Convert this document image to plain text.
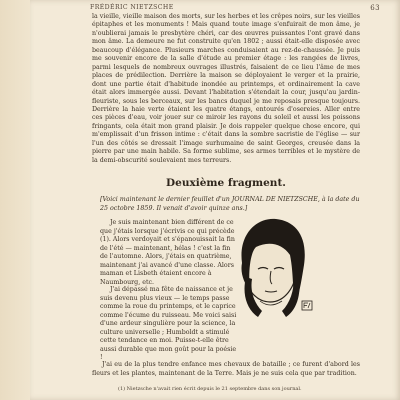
FRÉDÉRIC NIETZSCHE	63

la vieille, vieille maison des morts, sur les herbes et les crêpes noirs, sur les vieilles épitaphes et les monuments ! Mais quand toute image s'enfuirait de mon âme, je n'oublierai jamais le presbytère chéri, car des œuvres puissantes l'ont gravé dans mon âme. La demeure ne fut construite qu'en 1802 ; aussi était-elle disposée avec beaucoup d'élégance. Plusieurs marches conduisaient au rez-de-chaussée. Je puis me souvenir encore de la salle d'étude au premier étage : les rangées de livres, parmi lesquels de nombreux ouvrages illustrés, faisaient de ce lieu l'âme de mes places de prédilection. Derrière la maison se déployaient le verger et la prairie, dont une partie était d'habitude inondée au printemps, et ordinairement la cave était alors immergée aussi. Devant l'habitation s'étendait la cour, jusqu'au jardin-fleuriste, sous les berceaux, sur les bancs duquel je me reposais presque toujours. Derrière la haie verte étaient les quatre étangs, entourés d'osereies. Aller entre ces pièces d'eau, voir jouer sur ce miroir les rayons du soleil et aussi les poissons fringants, cela était mon grand plaisir. Je dois rappeler quelque chose encore, qui m'emplissait d'un frisson intime : c'était dans la sombre sacristie de l'église — sur l'un des côtés se dressait l'image surhumaine de saint Georges, creusée dans la pierre par une main habile. Sa forme sublime, ses armes terribles et le mystère de la demi-obscurité soulevaient mes terreurs.

Deuxième fragment.
[Voici maintenant le dernier feuillet d'un JOURNAL DE NIETZSCHE, à la date du 25 octobre 1859. Il venait d'avoir quinze ans.]
Je suis maintenant bien différent de ce que j'étais lorsque j'écrivis ce qui précède (1). Alors verdoyait et s'épanouissait la fin de l'été — maintenant, hélas ! c'est la fin de l'automne. Alors, j'étais en quatrième, maintenant j'ai avancé d'une classe. Alors maman et Lisbeth étaient encore à Naumbourg, etc.
J'ai dépassé ma fête de naissance et je suis devenu plus vieux — le temps passe comme la roue du printemps, et le caprice comme l'écume du ruisseau. Me voici saisi d'une ardeur singulière pour la science, la culture universelle ; Humboldt a stimulé cette tendance en moi. Puisse-t-elle être aussi durable que mon goût pour la poésie !
J'ai eu de la plus tendre enfance mes chevaux de bataille ; ce furent d'abord les fleurs et les plantes, maintenant de la Terre. Mais je ne suis cela que par tradition.
(1) Nietzsche n'avait rien écrit depuis le 21 septembre dans son journal.
